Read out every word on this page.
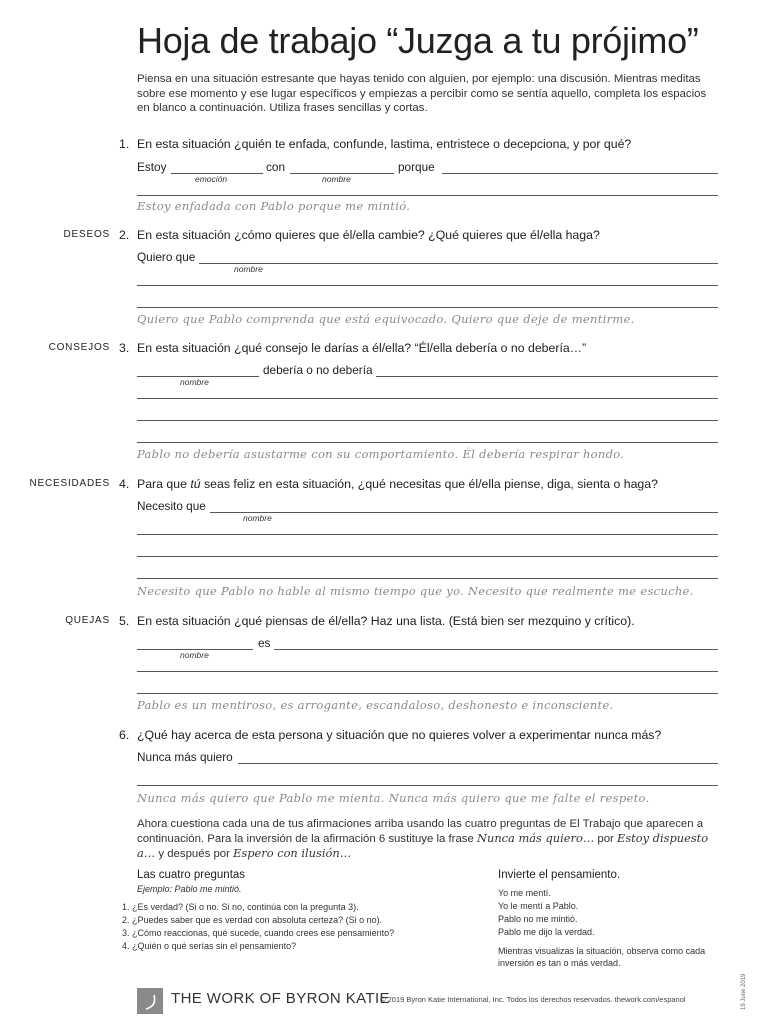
Hoja de trabajo “Juzga a tu prójimo”
Piensa en una situación estresante que hayas tenido con alguien, por ejemplo: una discusión. Mientras meditas sobre ese momento y ese lugar específicos y empiezas a percibir como se sentía aquello, completa los espacios en blanco a continuación. Utiliza frases sencillas y cortas.
1. En esta situación ¿quién te enfada, confunde, lastima, entristece o decepciona, y por qué?
Estoy
emoción
con
nombre
porque
Estoy enfadada con Pablo porque me mintió.
DESEOS 2. En esta situación ¿cómo quieres que él/ella cambie? ¿Qué quieres que él/ella haga?
Quiero que
nombre
Quiero que Pablo comprenda que está equivocado. Quiero que deje de mentirme.
CONSEJOS 3. En esta situación ¿qué consejo le darías a él/ella? “Él/ella debería o no debería…”
nombre
debería o no debería
Pablo no debería asustarme con su comportamiento. Él debería respirar hondo.
NECESIDADES 4. Para que tú seas feliz en esta situación, ¿qué necesitas que él/ella piense, diga, sienta o haga?
Necesito que
nombre
Necesito que Pablo no hable al mismo tiempo que yo. Necesito que realmente me escuche.
QUEJAS 5. En esta situación ¿qué piensas de él/ella? Haz una lista. (Está bien ser mezquino y crítico).
nombre
es
Pablo es un mentiroso, es arrogante, escandaloso, deshonesto e inconsciente.
6. ¿Qué hay acerca de esta persona y situación que no quieres volver a experimentar nunca más?
Nunca más quiero
Nunca más quiero que Pablo me mienta. Nunca más quiero que me falte el respeto.
Ahora cuestiona cada una de tus afirmaciones arriba usando las cuatro preguntas de El Trabajo que aparecen a continuación. Para la inversión de la afirmación 6 sustituye la frase Nunca más quiero… por Estoy dispuesto a… y después por Espero con ilusión…
Las cuatro preguntas
Ejemplo: Pablo me mintió.
1. ¿Es verdad? (Si o no. Si no, continúa con la pregunta 3).
2. ¿Puedes saber que es verdad con absoluta certeza? (Si o no).
3. ¿Cómo reaccionas, qué sucede, cuando crees ese pensamiento?
4. ¿Quién o qué serías sin el pensamiento?
Invierte el pensamiento.
Yo me mentí.
Yo le mentí a Pablo.
Pablo no me mintió.
Pablo me dijo la verdad.
Mientras visualizas la situación, observa como cada inversión es tan o más verdad.
THE WORK OF BYRON KATIE
© 2019 Byron Katie International, Inc. Todos los derechos reservados. thework.com/espanol	19 June 2019
